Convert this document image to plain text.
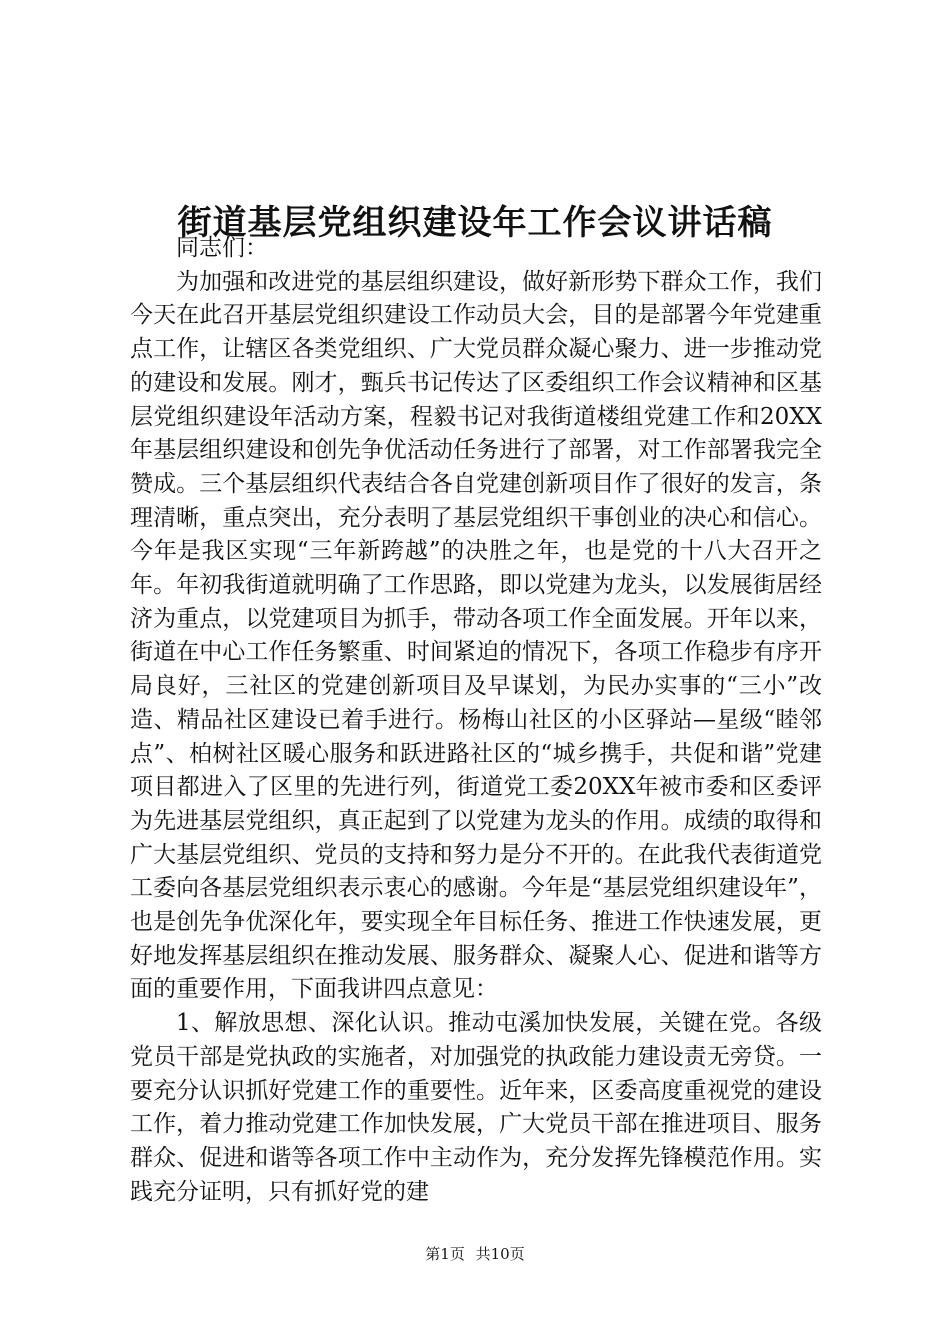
街道基层党组织建设年工作会议讲话稿

同志们：

为加强和改进党的基层组织建设，做好新形势下群众工作，我们今天在此召开基层党组织建设工作动员大会，目的是部署今年党建重点工作，让辖区各类党组织、广大党员群众凝心聚力、进一步推动党的建设和发展。刚才，甄兵书记传达了区委组织工作会议精神和区基层党组织建设年活动方案，程毅书记对我街道楼组党建工作和20XX年基层组织建设和创先争优活动任务进行了部署，对工作部署我完全赞成。三个基层组织代表结合各自党建创新项目作了很好的发言，条理清晰，重点突出，充分表明了基层党组织干事创业的决心和信心。今年是我区实现“三年新跨越”的决胜之年，也是党的十八大召开之年。年初我街道就明确了工作思路，即以党建为龙头，以发展街居经济为重点，以党建项目为抓手，带动各项工作全面发展。开年以来，街道在中心工作任务繁重、时间紧迫的情况下，各项工作稳步有序开局良好，三社区的党建创新项目及早谋划，为民办实事的“三小”改造、精品社区建设已着手进行。杨梅山社区的小区驿站—星级“睦邻点”、柏树社区暖心服务和跃进路社区的“城乡携手，共促和谐”党建项目都进入了区里的先进行列，街道党工委20XX年被市委和区委评为先进基层党组织，真正起到了以党建为龙头的作用。成绩的取得和广大基层党组织、党员的支持和努力是分不开的。在此我代表街道党工委向各基层党组织表示衷心的感谢。今年是“基层党组织建设年”，也是创先争优深化年，要实现全年目标任务、推进工作快速发展，更好地发挥基层组织在推动发展、服务群众、凝聚人心、促进和谐等方面的重要作用，下面我讲四点意见：

1、解放思想、深化认识。推动屯溪加快发展，关键在党。各级党员干部是党执政的实施者，对加强党的执政能力建设责无旁贷。一要充分认识抓好党建工作的重要性。近年来，区委高度重视党的建设工作，着力推动党建工作加快发展，广大党员干部在推进项目、服务群众、促进和谐等各项工作中主动作为，充分发挥先锋模范作用。实践充分证明，只有抓好党的建

第1页 共10页
